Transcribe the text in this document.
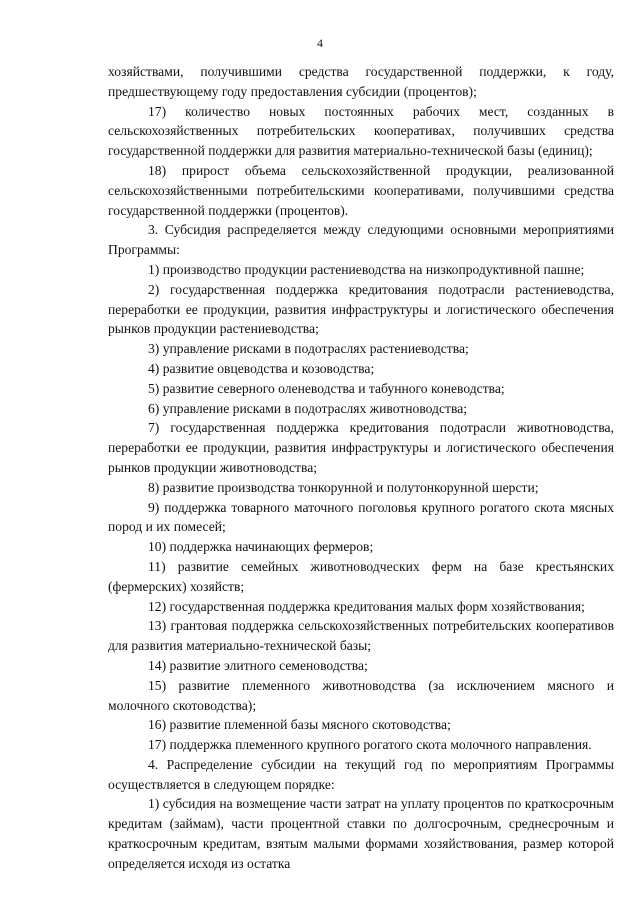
4

хозяйствами, получившими средства государственной поддержки, к году, предшествующему году предоставления субсидии (процентов);

17) количество новых постоянных рабочих мест, созданных в сельскохозяйственных потребительских кооперативах, получивших средства государственной поддержки для развития материально-технической базы (единиц);

18) прирост объема сельскохозяйственной продукции, реализованной сельскохозяйственными потребительскими кооперативами, получившими средства государственной поддержки (процентов).

3. Субсидия распределяется между следующими основными мероприятиями Программы:

1) производство продукции растениеводства на низкопродуктивной пашне;

2) государственная поддержка кредитования подотрасли растениеводства, переработки ее продукции, развития инфраструктуры и логистического обеспечения рынков продукции растениеводства;

3) управление рисками в подотраслях растениеводства;

4) развитие овцеводства и козоводства;

5) развитие северного оленеводства и табунного коневодства;

6) управление рисками в подотраслях животноводства;

7) государственная поддержка кредитования подотрасли животноводства, переработки ее продукции, развития инфраструктуры и логистического обеспечения рынков продукции животноводства;

8) развитие производства тонкорунной и полутонкорунной шерсти;

9) поддержка товарного маточного поголовья крупного рогатого скота мясных пород и их помесей;

10) поддержка начинающих фермеров;

11) развитие семейных животноводческих ферм на базе крестьянских (фермерских) хозяйств;

12) государственная поддержка кредитования малых форм хозяйствования;

13) грантовая поддержка сельскохозяйственных потребительских кооперативов для развития материально-технической базы;

14) развитие элитного семеноводства;

15) развитие племенного животноводства (за исключением мясного и молочного скотоводства);

16) развитие племенной базы мясного скотоводства;

17) поддержка племенного крупного рогатого скота молочного направления.

4. Распределение субсидии на текущий год по мероприятиям Программы осуществляется в следующем порядке:

1) субсидия на возмещение части затрат на уплату процентов по краткосрочным кредитам (займам), части процентной ставки по долгосрочным, среднесрочным и краткосрочным кредитам, взятым малыми формами хозяйствования, размер которой определяется исходя из остатка
